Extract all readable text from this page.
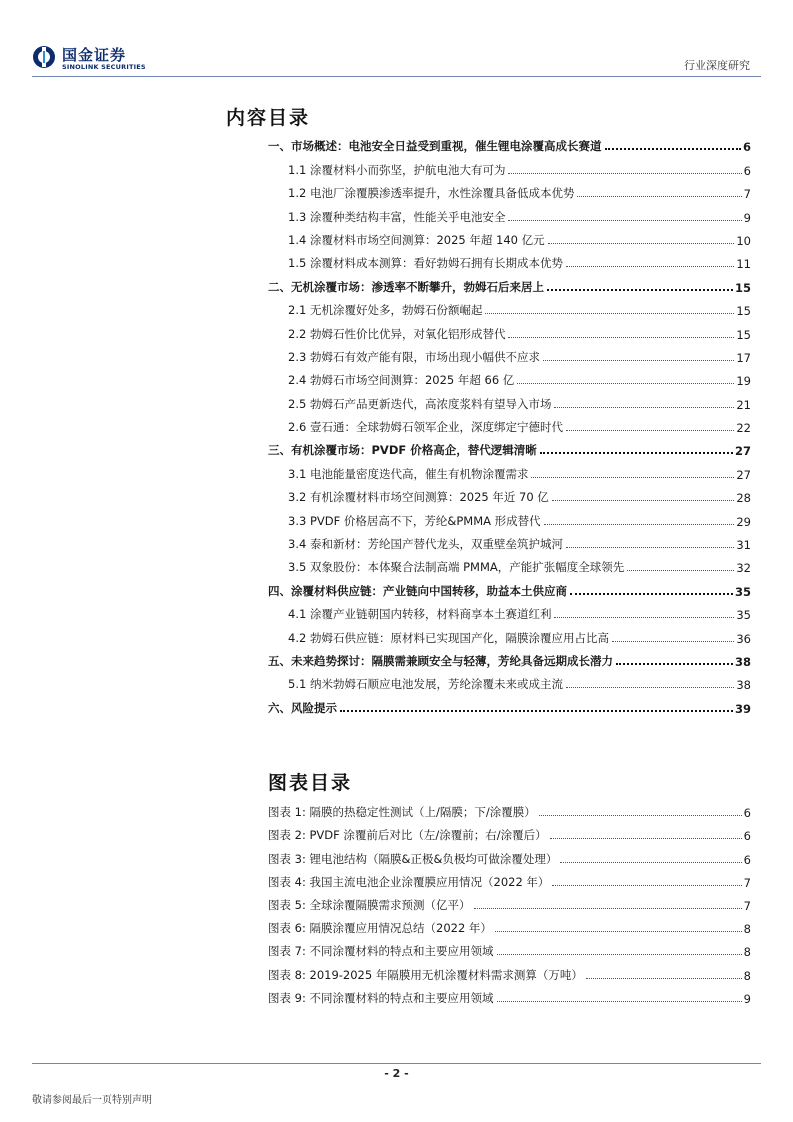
国金证券
SINOLINK SECURITIES	行业深度研究
内容目录
一、市场概述：电池安全日益受到重视，催生锂电涂覆高成长赛道	6
1.1 涂覆材料小而弥坚，护航电池大有可为	6
1.2 电池厂涂覆膜渗透率提升，水性涂覆具备低成本优势	7
1.3 涂覆种类结构丰富，性能关乎电池安全	9
1.4 涂覆材料市场空间测算：2025 年超 140 亿元	10
1.5 涂覆材料成本测算：看好勃姆石拥有长期成本优势	11
二、无机涂覆市场：渗透率不断攀升，勃姆石后来居上	15
2.1 无机涂覆好处多，勃姆石份额崛起	15
2.2 勃姆石性价比优异，对氧化铝形成替代	15
2.3 勃姆石有效产能有限，市场出现小幅供不应求	17
2.4 勃姆石市场空间测算：2025 年超 66 亿	19
2.5 勃姆石产品更新迭代，高浓度浆料有望导入市场	21
2.6 壹石通：全球勃姆石领军企业，深度绑定宁德时代	22
三、有机涂覆市场：PVDF 价格高企，替代逻辑清晰	27
3.1 电池能量密度迭代高，催生有机物涂覆需求	27
3.2 有机涂覆材料市场空间测算：2025 年近 70 亿	28
3.3 PVDF 价格居高不下，芳纶&PMMA 形成替代	29
3.4 泰和新材：芳纶国产替代龙头，双重壁垒筑护城河	31
3.5 双象股份：本体聚合法制高端 PMMA，产能扩张幅度全球领先	32
四、涂覆材料供应链：产业链向中国转移，助益本土供应商	35
4.1 涂覆产业链朝国内转移，材料商享本土赛道红利	35
4.2 勃姆石供应链：原材料已实现国产化，隔膜涂覆应用占比高	36
五、未来趋势探讨：隔膜需兼顾安全与轻薄，芳纶具备远期成长潜力	38
5.1 纳米勃姆石顺应电池发展，芳纶涂覆未来或成主流	38
六、风险提示	39
图表目录
图表 1: 隔膜的热稳定性测试（上/隔膜；下/涂覆膜）	6
图表 2: PVDF 涂覆前后对比（左/涂覆前；右/涂覆后）	6
图表 3: 锂电池结构（隔膜&正极&负极均可做涂覆处理）	6
图表 4: 我国主流电池企业涂覆膜应用情况（2022 年）	7
图表 5: 全球涂覆隔膜需求预测（亿平）	7
图表 6: 隔膜涂覆应用情况总结（2022 年）	8
图表 7: 不同涂覆材料的特点和主要应用领域	8
图表 8: 2019-2025 年隔膜用无机涂覆材料需求测算（万吨）	8
图表 9: 不同涂覆材料的特点和主要应用领域	9
- 2 -
敬请参阅最后一页特别声明
